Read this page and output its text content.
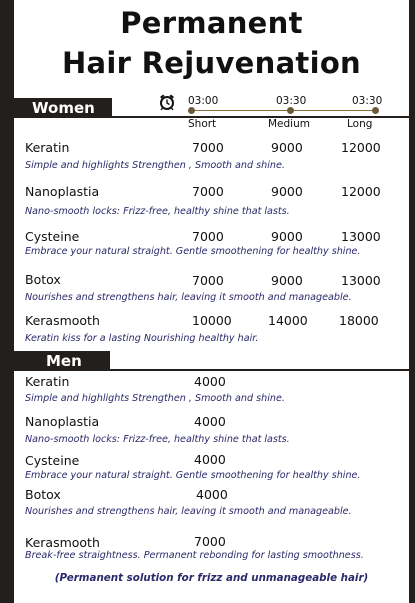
Permanent
Hair Rejuvenation
Women	03:00	03:30	03:30
Short	Medium	Long
Keratin	7000	9000	12000
Simple and highlights Strengthen , Smooth and shine.
Nanoplastia	7000	9000	12000
Nano-smooth locks: Frizz-free, healthy shine that lasts.
Cysteine	7000	9000	13000
Embrace your natural straight. Gentle smoothening for healthy shine.
Botox	7000	9000	13000
Nourishes and strengthens hair, leaving it smooth and manageable.
Kerasmooth	10000	14000 18000
Keratin kiss for a lasting Nourishing healthy hair.
Men
Keratin	4000
Simple and highlights Strengthen , Smooth and shine.
Nanoplastia	4000
Nano-smooth locks: Frizz-free, healthy shine that lasts.
Cysteine	4000
Embrace your natural straight. Gentle smoothening for healthy shine.
Botox	4000
Nourishes and strengthens hair, leaving it smooth and manageable.
Kerasmooth	7000
Break-free straightness. Permanent rebonding for lasting smoothness.
(Permanent solution for frizz and unmanageable hair)
